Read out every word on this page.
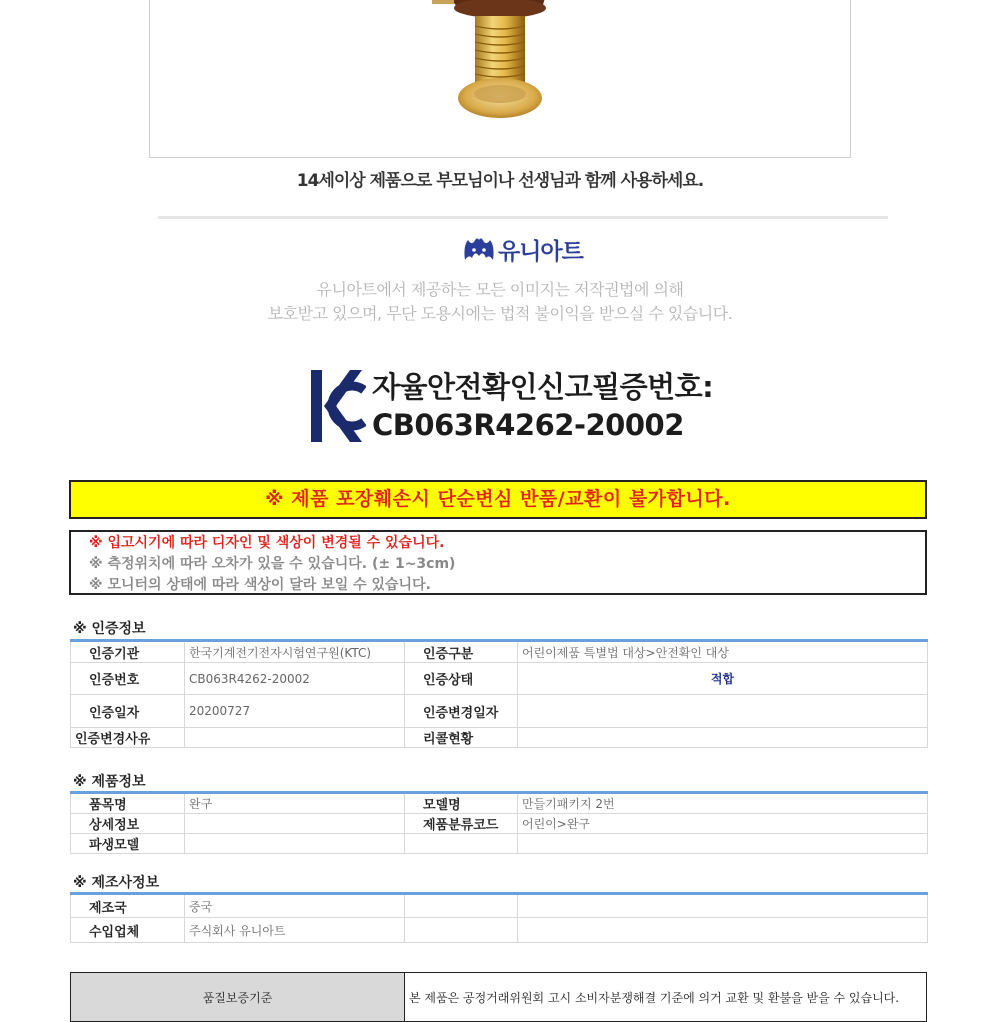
14세이상 제품으로 부모님이나 선생님과 함께 사용하세요.
유니아트
유니아트에서 제공하는 모든 이미지는 저작권법에 의해
보호받고 있으며, 무단 도용시에는 법적 불이익을 받으실 수 있습니다.
자율안전확인신고필증번호:
CB063R4262-20002
※ 제품 포장훼손시 단순변심 반품/교환이 불가합니다.
※ 입고시기에 따라 디자인 및 색상이 변경될 수 있습니다.
※ 측정위치에 따라 오차가 있을 수 있습니다. (± 1~3cm)
※ 모니터의 상태에 따라 색상이 달라 보일 수 있습니다.
※ 인증정보
인증기관	한국기계전기전자시험연구원(KTC)	인증구분	어린이제품 특별법 대상>안전확인 대상
인증번호	CB063R4262-20002	인증상태	적합
인증일자	20200727	인증변경일자	
인증변경사유		리콜현황	
※ 제품정보
품목명	완구	모델명	만들기패키지 2번
상세정보		제품분류코드	어린이>완구
파생모델			
※ 제조사정보
제조국	중국		
수입업체	주식회사 유니아트		
품질보증기준	본 제품은 공정거래위원회 고시 소비자분쟁해결 기준에 의거 교환 및 환불을 받을 수 있습니다.
